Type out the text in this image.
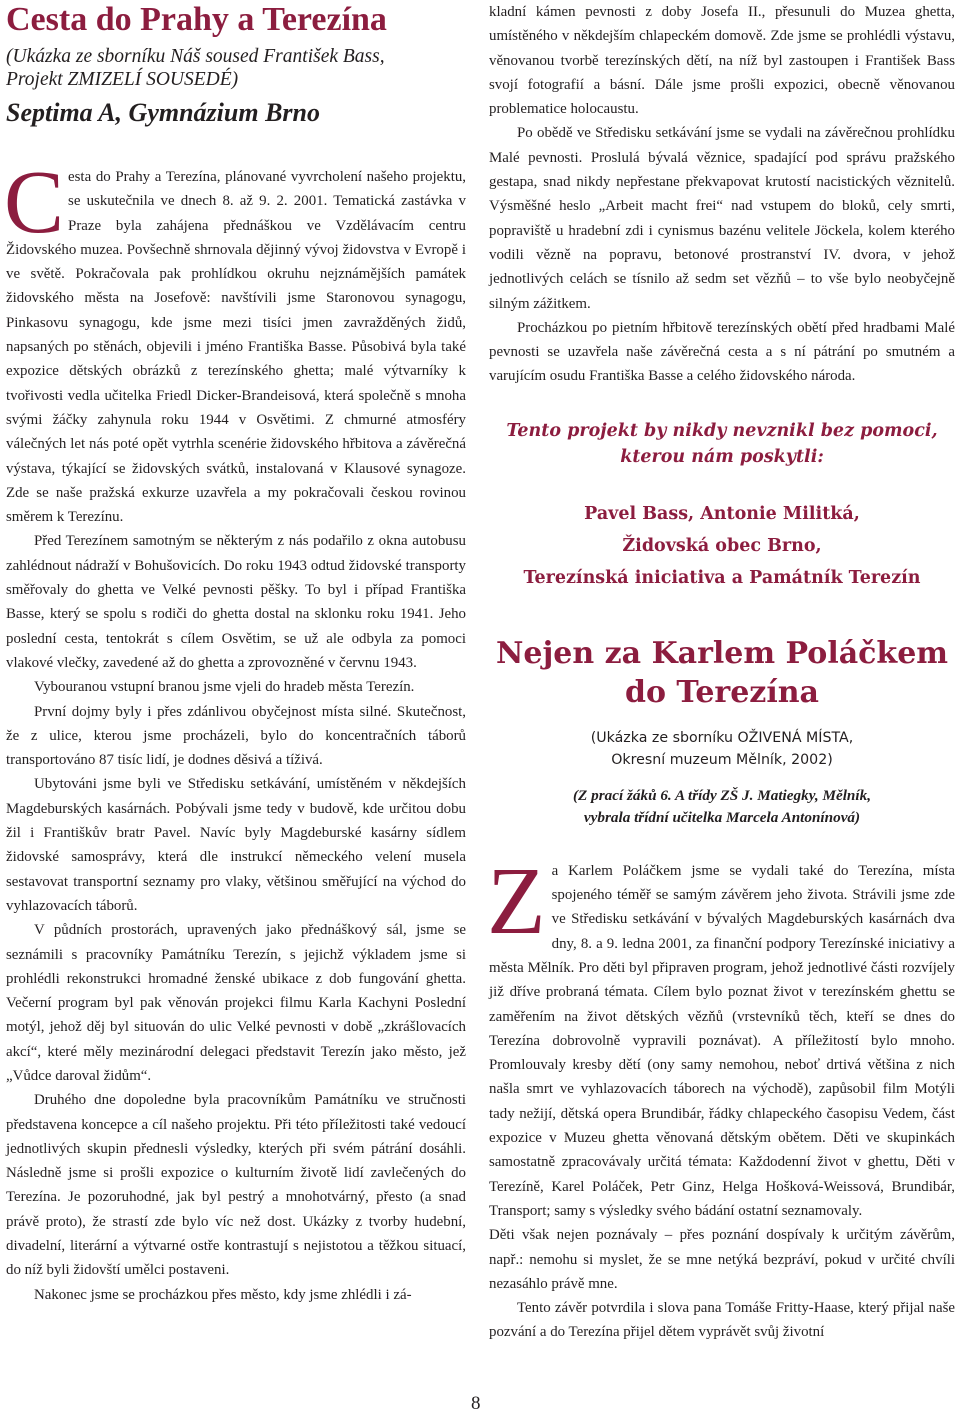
Cesta do Prahy a Terezína
(Ukázka ze sborníku Náš soused František Bass,
Projekt ZMIZELÍ SOUSEDÉ)
Septima A, Gymnázium Brno

Cesta do Prahy a Terezína, plánované vyvrcholení našeho projektu, se uskutečnila ve dnech 8. až 9. 2. 2001. Tematická zastávka v Praze byla zahájena přednáškou ve Vzdělávacím centru Židovského muzea. Povšechně shrnovala dějinný vývoj židovstva v Evropě i ve světě. Pokračovala pak prohlídkou okruhu nejznámějších památek židovského města na Josefově: navštívili jsme Staronovou synagogu, Pinkasovu synagogu, kde jsme mezi tisíci jmen zavražděných židů, napsaných po stěnách, objevili i jméno Františka Basse. Působivá byla také expozice dětských obrázků z terezínského ghetta; malé výtvarníky k tvořivosti vedla učitelka Friedl Dicker-Brandeisová, která společně s mnoha svými žáčky zahynula roku 1944 v Osvětimi. Z chmurné atmosféry válečných let nás poté opět vytrhla scenérie židovského hřbitova a závěrečná výstava, týkající se židovských svátků, instalovaná v Klausové synagoze. Zde se naše pražská exkurze uzavřela a my pokračovali českou rovinou směrem k Terezínu.

Před Terezínem samotným se některým z nás podařilo z okna autobusu zahlédnout nádraží v Bohušovicích. Do roku 1943 odtud židovské transporty směřovaly do ghetta ve Velké pevnosti pěšky. To byl i případ Františka Basse, který se spolu s rodiči do ghetta dostal na sklonku roku 1941. Jeho poslední cesta, tentokrát s cílem Osvětim, se už ale odbyla za pomoci vlakové vlečky, zavedené až do ghetta a zprovozněné v červnu 1943.

Vybouranou vstupní branou jsme vjeli do hradeb města Terezín.

První dojmy byly i přes zdánlivou obyčejnost místa silné. Skutečnost, že z ulice, kterou jsme procházeli, bylo do koncentračních táborů transportováno 87 tisíc lidí, je dodnes děsivá a tíživá.

Ubytováni jsme byli ve Středisku setkávání, umístěném v někdejších Magdeburských kasárnách. Pobývali jsme tedy v budově, kde určitou dobu žil i Františkův bratr Pavel. Navíc byly Magdeburské kasárny sídlem židovské samosprávy, která dle instrukcí německého velení musela sestavovat transportní seznamy pro vlaky, většinou směřující na východ do vyhlazovacích táborů.

V půdních prostorách, upravených jako přednáškový sál, jsme se seznámili s pracovníky Památníku Terezín, s jejichž výkladem jsme si prohlédli rekonstrukci hromadné ženské ubikace z dob fungování ghetta. Večerní program byl pak věnován projekci filmu Karla Kachyni Poslední motýl, jehož děj byl situován do ulic Velké pevnosti v době „zkrášlovacích akcí“, které měly mezinárodní delegaci představit Terezín jako město, jež „Vůdce daroval židům“.

Druhého dne dopoledne byla pracovníkům Památníku ve stručnosti představena koncepce a cíl našeho projektu. Při této příležitosti také vedoucí jednotlivých skupin přednesli výsledky, kterých při svém pátrání dosáhli. Následně jsme si prošli expozice o kulturním životě lidí zavlečených do Terezína. Je pozoruhodné, jak byl pestrý a mnohotvárný, přesto (a snad právě proto), že strastí zde bylo víc než dost. Ukázky z tvorby hudební, divadelní, literární a výtvarné ostře kontrastují s nejistotou a těžkou situací, do níž byli židovští umělci postaveni.

Nakonec jsme se procházkou přes město, kdy jsme zhlédli i zá-

kladní kámen pevnosti z doby Josefa II., přesunuli do Muzea ghetta, umístěného v někdejším chlapeckém domově. Zde jsme se prohlédli výstavu, věnovanou tvorbě terezínských dětí, na níž byl zastoupen i František Bass svojí fotografií a básní. Dále jsme prošli expozici, obecně věnovanou problematice holocaustu.

Po obědě ve Středisku setkávání jsme se vydali na závěrečnou prohlídku Malé pevnosti. Proslulá bývalá věznice, spadající pod správu pražského gestapa, snad nikdy nepřestane překvapovat krutostí nacistických věznitelů. Výsměšné heslo „Arbeit macht frei“ nad vstupem do bloků, cely smrti, popraviště u hradební zdi i cynismus bazénu velitele Jöckela, kolem kterého vodili vězně na popravu, betonové prostranství IV. dvora, v jehož jednotlivých celách se tísnilo až sedm set vězňů – to vše bylo neobyčejně silným zážitkem.

Procházkou po pietním hřbitově terezínských obětí před hradbami Malé pevnosti se uzavřela naše závěrečná cesta a s ní pátrání po smutném a varujícím osudu Františka Basse a celého židovského národa.

Tento projekt by nikdy nevznikl bez pomoci,
kterou nám poskytli:
Pavel Bass, Antonie Militká,
Židovská obec Brno,
Terezínská iniciativa a Památník Terezín
Nejen za Karlem Poláčkem
do Terezína
(Ukázka ze sborníku OŽIVENÁ MÍSTA,
Okresní muzeum Mělník, 2002)
(Z prací žáků 6. A třídy ZŠ J. Matiegky, Mělník,
vybrala třídní učitelka Marcela Antonínová)

Za Karlem Poláčkem jsme se vydali také do Terezína, místa spojeného téměř se samým závěrem jeho života. Strávili jsme zde ve Středisku setkávání v bývalých Magdeburských kasárnách dva dny, 8. a 9. ledna 2001, za finanční podpory Terezínské iniciativy a města Mělník. Pro děti byl připraven program, jehož jednotlivé části rozvíjely již dříve probraná témata. Cílem bylo poznat život v terezínském ghettu se zaměřením na život dětských vězňů (vrstevníků těch, kteří se dnes do Terezína dobrovolně vypravili poznávat). A příležitostí bylo mnoho. Promlouvaly kresby dětí (ony samy nemohou, neboť drtivá většina z nich našla smrt ve vyhlazovacích táborech na východě), zapůsobil film Motýli tady nežijí, dětská opera Brundibár, řádky chlapeckého časopisu Vedem, část expozice v Muzeu ghetta věnovaná dětským obětem. Děti ve skupinkách samostatně zpracovávaly určitá témata: Každodenní život v ghettu, Děti v Terezíně, Karel Poláček, Petr Ginz, Helga Hošková-Weissová, Brundibár, Transport; samy s výsledky svého bádání ostatní seznamovaly.

Děti však nejen poznávaly – přes poznání dospívaly k určitým závěrům, např.: nemohu si myslet, že se mne netýká bezpráví, pokud v určité chvíli nezasáhlo právě mne.

Tento závěr potvrdila i slova pana Tomáše Fritty-Haase, který přijal naše pozvání a do Terezína přijel dětem vyprávět svůj životní

8
